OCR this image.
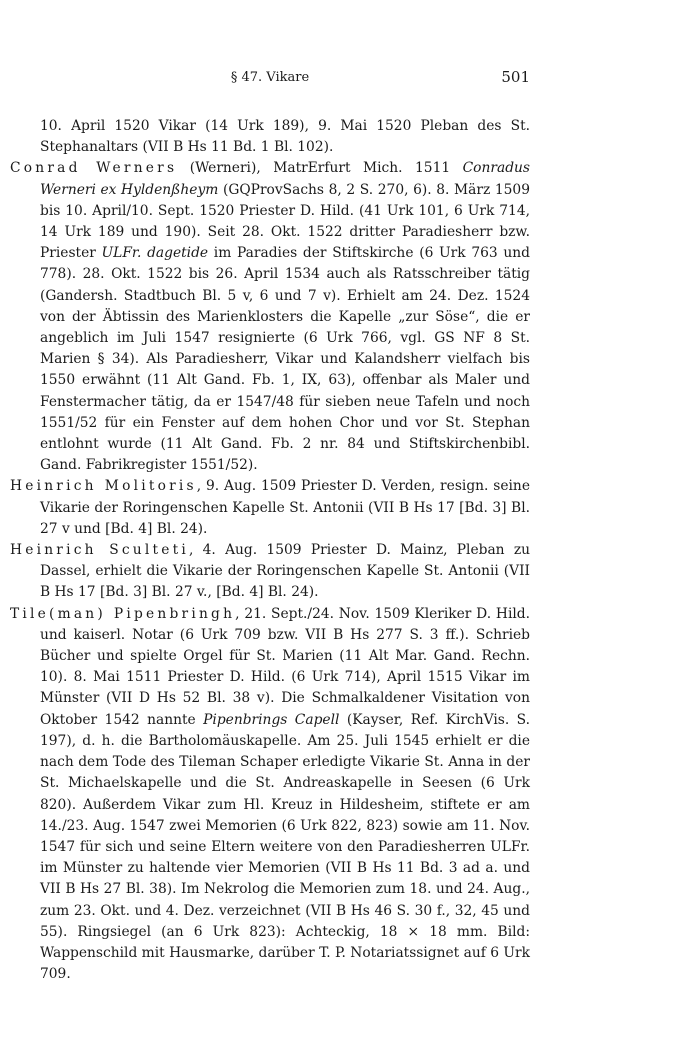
§ 47. Vikare	501

10. April 1520 Vikar (14 Urk 189), 9. Mai 1520 Pleban des St. Stephanaltars (VII B Hs 11 Bd. 1 Bl. 102).

Conrad Werners (Werneri), MatrErfurt Mich. 1511 Conradus Werneri ex Hyldenßheym (GQProvSachs 8, 2 S. 270, 6). 8. März 1509 bis 10. April/10. Sept. 1520 Priester D. Hild. (41 Urk 101, 6 Urk 714, 14 Urk 189 und 190). Seit 28. Okt. 1522 dritter Paradiesherr bzw. Priester ULFr. dagetide im Paradies der Stiftskirche (6 Urk 763 und 778). 28. Okt. 1522 bis 26. April 1534 auch als Ratsschreiber tätig (Gandersh. Stadtbuch Bl. 5 v, 6 und 7 v). Erhielt am 24. Dez. 1524 von der Äbtissin des Marienklosters die Kapelle „zur Söse“, die er angeblich im Juli 1547 resignierte (6 Urk 766, vgl. GS NF 8 St. Marien § 34). Als Paradiesherr, Vikar und Kalandsherr vielfach bis 1550 erwähnt (11 Alt Gand. Fb. 1, IX, 63), offenbar als Maler und Fenstermacher tätig, da er 1547/48 für sieben neue Tafeln und noch 1551/52 für ein Fenster auf dem hohen Chor und vor St. Stephan entlohnt wurde (11 Alt Gand. Fb. 2 nr. 84 und Stiftskirchenbibl. Gand. Fabrikregister 1551/52).

Heinrich Molitoris, 9. Aug. 1509 Priester D. Verden, resign. seine Vikarie der Roringenschen Kapelle St. Antonii (VII B Hs 17 [Bd. 3] Bl. 27 v und [Bd. 4] Bl. 24).

Heinrich Sculteti, 4. Aug. 1509 Priester D. Mainz, Pleban zu Dassel, erhielt die Vikarie der Roringenschen Kapelle St. Antonii (VII B Hs 17 [Bd. 3] Bl. 27 v., [Bd. 4] Bl. 24).

Tile(man) Pipenbringh, 21. Sept./24. Nov. 1509 Kleriker D. Hild. und kaiserl. Notar (6 Urk 709 bzw. VII B Hs 277 S. 3 ff.). Schrieb Bücher und spielte Orgel für St. Marien (11 Alt Mar. Gand. Rechn. 10). 8. Mai 1511 Priester D. Hild. (6 Urk 714), April 1515 Vikar im Münster (VII D Hs 52 Bl. 38 v). Die Schmalkaldener Visitation von Oktober 1542 nannte Pipenbrings Capell (Kayser, Ref. KirchVis. S. 197), d. h. die Bartholomäuskapelle. Am 25. Juli 1545 erhielt er die nach dem Tode des Tileman Schaper erledigte Vikarie St. Anna in der St. Michaelskapelle und die St. Andreaskapelle in Seesen (6 Urk 820). Außerdem Vikar zum Hl. Kreuz in Hildesheim, stiftete er am 14./23. Aug. 1547 zwei Memorien (6 Urk 822, 823) sowie am 11. Nov. 1547 für sich und seine Eltern weitere von den Paradiesherren ULFr. im Münster zu haltende vier Memorien (VII B Hs 11 Bd. 3 ad a. und VII B Hs 27 Bl. 38). Im Nekrolog die Memorien zum 18. und 24. Aug., zum 23. Okt. und 4. Dez. verzeichnet (VII B Hs 46 S. 30 f., 32, 45 und 55). Ringsiegel (an 6 Urk 823): Achteckig, 18 × 18 mm. Bild: Wappenschild mit Hausmarke, darüber T. P. Notariatssignet auf 6 Urk 709.
